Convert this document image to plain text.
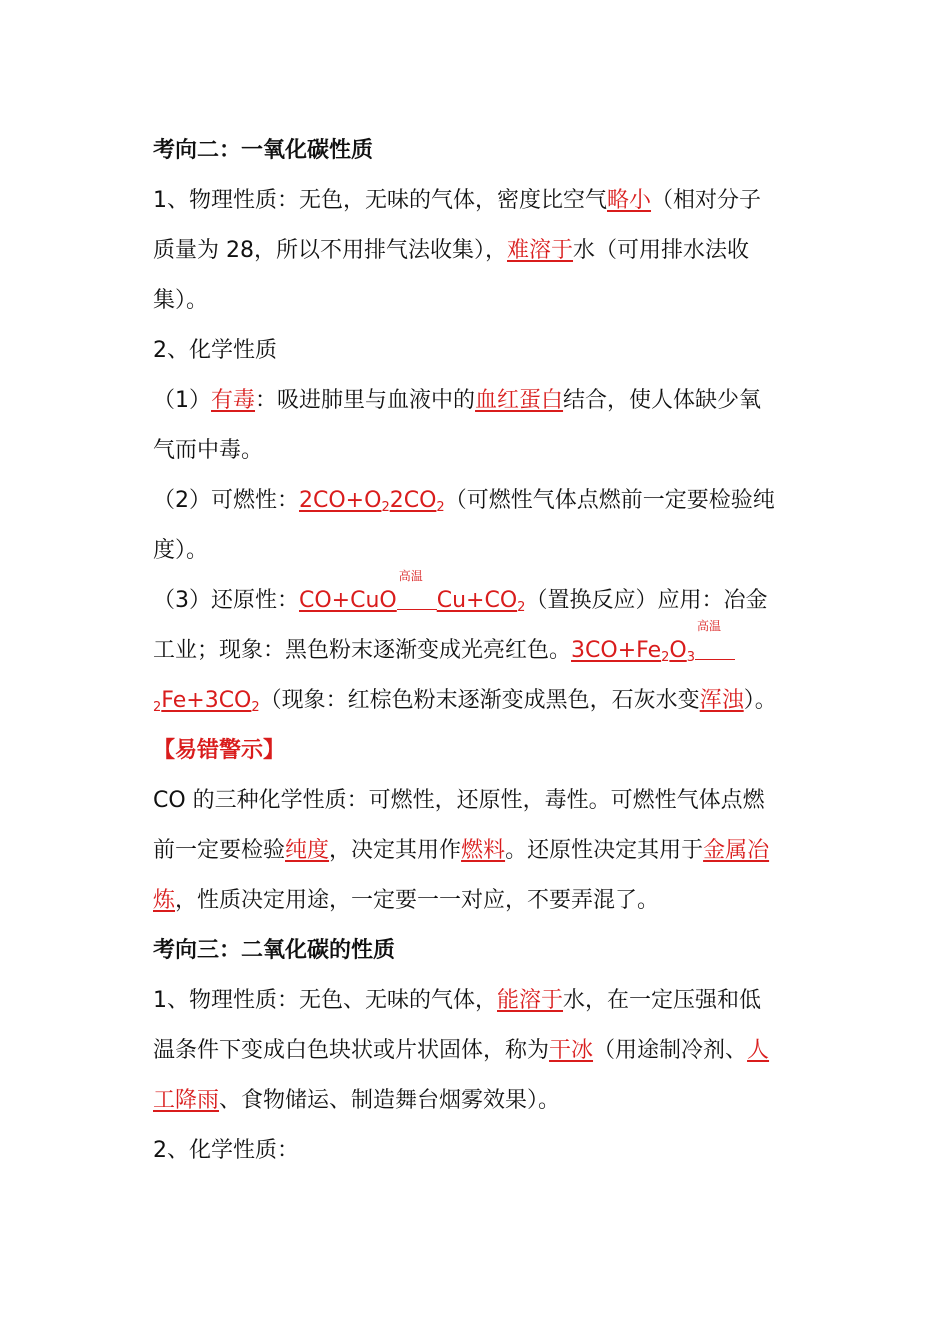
考向二：一氧化碳性质
1、物理性质：无色，无味的气体，密度比空气略小（相对分子
质量为 28，所以不用排气法收集），难溶于水（可用排水法收
集）。
2、化学性质
（1）有毒：吸进肺里与血液中的血红蛋白结合，使人体缺少氧
气而中毒。
（2）可燃性：$2CO+O_22CO_2$（可燃性气体点燃前一定要检验纯
度）。
（3）还原性：CO+CuO
高温
$Cu+CO_2$（置换反应）应用：冶金
工业；现象：黑色粉末逐渐变成光亮红色。$3CO+Fe_2O_3$
高温
$_2Fe+3CO_2$（现象：红棕色粉末逐渐变成黑色，石灰水变浑浊）。
【易错警示】
CO 的三种化学性质：可燃性，还原性，毒性。可燃性气体点燃
前一定要检验纯度，决定其用作燃料。还原性决定其用于金属冶
炼，性质决定用途，一定要一一对应，不要弄混了。
考向三：二氧化碳的性质
1、物理性质：无色、无味的气体，能溶于水，在一定压强和低
温条件下变成白色块状或片状固体，称为干冰（用途制冷剂、人
工降雨、食物储运、制造舞台烟雾效果）。
2、化学性质：
